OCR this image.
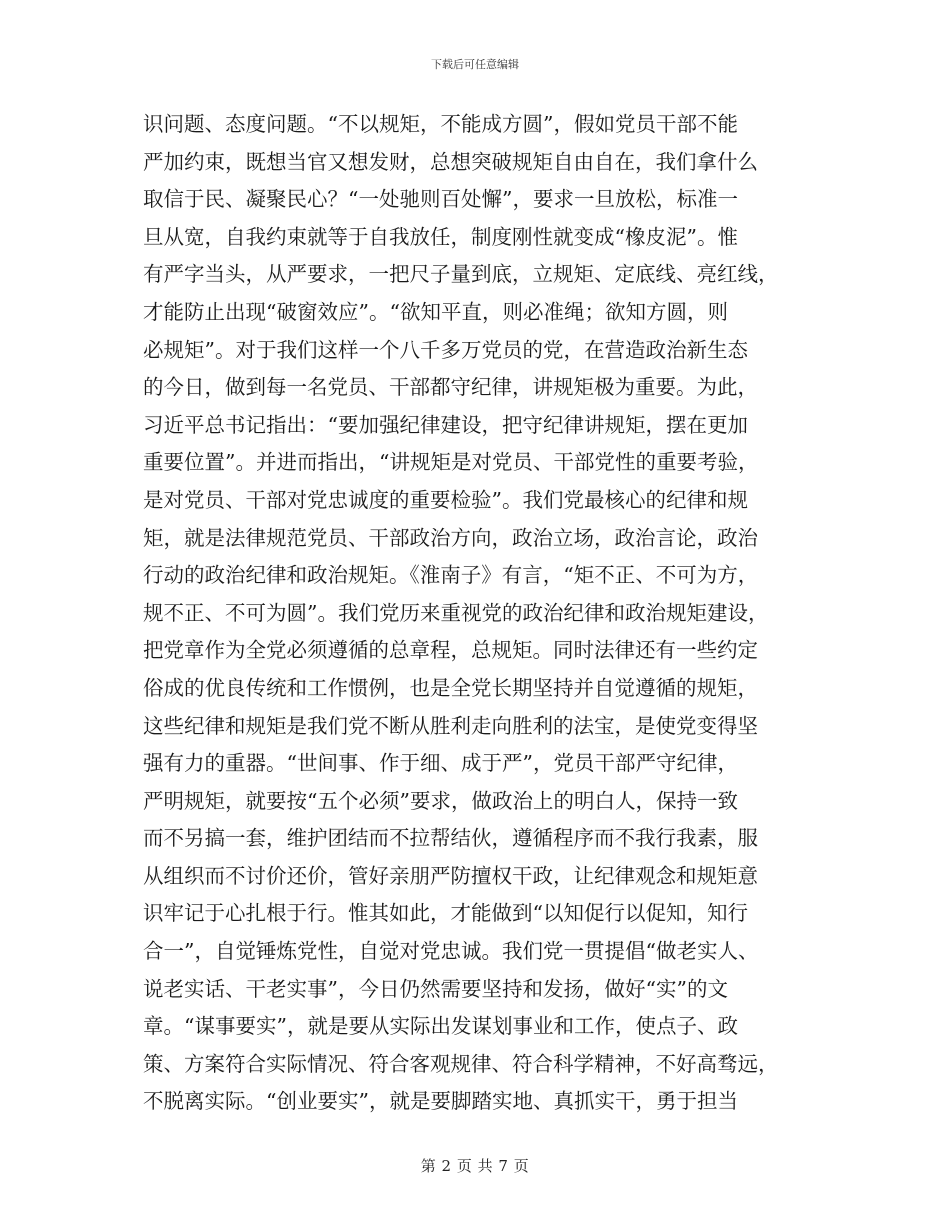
下载后可任意编辑
识问题、态度问题。“不以规矩，不能成方圆”，假如党员干部不能
严加约束，既想当官又想发财，总想突破规矩自由自在，我们拿什么
取信于民、凝聚民心？“一处驰则百处懈”，要求一旦放松，标准一
旦从宽，自我约束就等于自我放任，制度刚性就变成“橡皮泥”。惟
有严字当头，从严要求，一把尺子量到底，立规矩、定底线、亮红线，
才能防止出现“破窗效应”。“欲知平直，则必准绳；欲知方圆，则
必规矩”。对于我们这样一个八千多万党员的党，在营造政治新生态
的今日，做到每一名党员、干部都守纪律，讲规矩极为重要。为此，
习近平总书记指出：“要加强纪律建设，把守纪律讲规矩，摆在更加
重要位置”。并进而指出，“讲规矩是对党员、干部党性的重要考验，
是对党员、干部对党忠诚度的重要检验”。我们党最核心的纪律和规
矩，就是法律规范党员、干部政治方向，政治立场，政治言论，政治
行动的政治纪律和政治规矩。《淮南子》有言，“矩不正、不可为方，
规不正、不可为圆”。我们党历来重视党的政治纪律和政治规矩建设，
把党章作为全党必须遵循的总章程，总规矩。同时法律还有一些约定
俗成的优良传统和工作惯例，也是全党长期坚持并自觉遵循的规矩，
这些纪律和规矩是我们党不断从胜利走向胜利的法宝，是使党变得坚
强有力的重器。“世间事、作于细、成于严”，党员干部严守纪律，
严明规矩，就要按“五个必须”要求，做政治上的明白人，保持一致
而不另搞一套，维护团结而不拉帮结伙，遵循程序而不我行我素，服
从组织而不讨价还价，管好亲朋严防擅权干政，让纪律观念和规矩意
识牢记于心扎根于行。惟其如此，才能做到“以知促行以促知，知行
合一”，自觉锤炼党性，自觉对党忠诚。我们党一贯提倡“做老实人、
说老实话、干老实事”，今日仍然需要坚持和发扬，做好“实”的文
章。“谋事要实”，就是要从实际出发谋划事业和工作，使点子、政
策、方案符合实际情况、符合客观规律、符合科学精神，不好高骛远，
不脱离实际。“创业要实”，就是要脚踏实地、真抓实干，勇于担当
第 2 页 共 7 页
